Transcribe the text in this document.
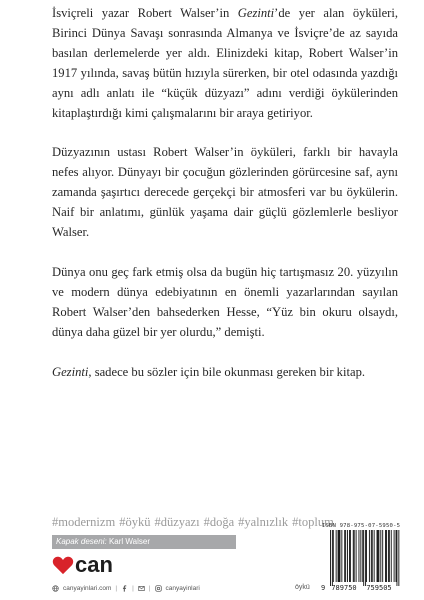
İsviçreli yazar Robert Walser’in Gezinti’de yer alan öyküleri, Birinci Dünya Savaşı sonrasında Almanya ve İsviçre’de az sayıda basılan derlemelerde yer aldı. Elinizdeki kitap, Robert Walser’in 1917 yılında, savaş bütün hızıyla sürerken, bir otel odasında yazdığı aynı adlı anlatı ile “küçük düzyazı” adını verdiği öykülerinden kitaplaştırdığı kimi çalışmalarını bir araya getiriyor.

Düzyazının ustası Robert Walser’in öyküleri, farklı bir havayla nefes alıyor. Dünyayı bir çocuğun gözlerinden görürcesine saf, aynı zamanda şaşırtıcı derecede gerçekçi bir atmosferi var bu öykülerin. Naif bir anlatımı, günlük yaşama dair güçlü gözlemlerle besliyor Walser.

Dünya onu geç fark etmiş olsa da bugün hiç tartışmasız 20. yüzyılın ve modern dünya edebiyatının en önemli yazarlarından sayılan Robert Walser’den bahsederken Hesse, “Yüz bin okuru olsaydı, dünya daha güzel bir yer olurdu,” demişti.

Gezinti, sadece bu sözler için bile okunması gereken bir kitap.

#modernizm #öykü #düzyazı #doğa #yalnızlık #toplum
Kapak deseni: Karl Walser
can
canyayinlari.com | | | canyayinlari	öykü
ISBN 978-975-07-5950-5
9 789750 759505
